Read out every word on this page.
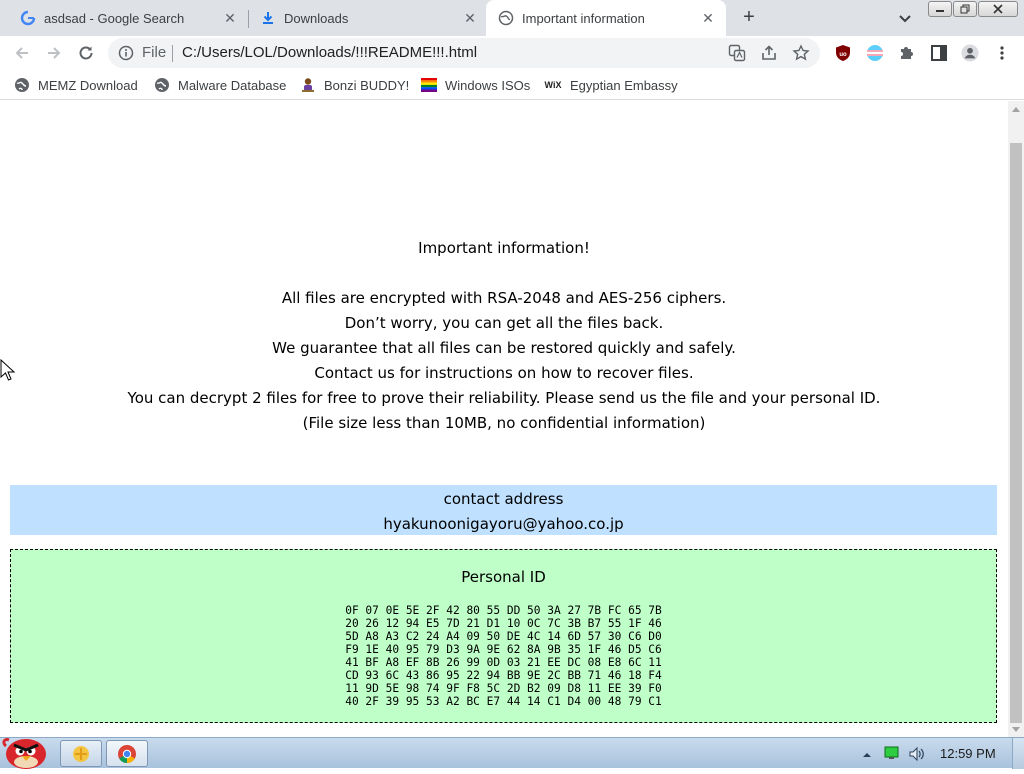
asdsad - Google Search	✕	Downloads	✕	Important information	✕	+
File C:/Users/LOL/Downloads/!!!README!!!.html	uo
MEMZ Download	Malware Database	Bonzi BUDDY!	Windows ISOs WiX Egyptian Embassy
Important information!
All files are encrypted with RSA-2048 and AES-256 ciphers.
Don’t worry, you can get all the files back.
We guarantee that all files can be restored quickly and safely.
Contact us for instructions on how to recover files.
You can decrypt 2 files for free to prove their reliability. Please send us the file and your personal ID.
(File size less than 10MB, no confidential information)
contact address
hyakunoonigayoru@yahoo.co.jp
Personal ID
0F 07 0E 5E 2F 42 80 55 DD 50 3A 27 7B FC 65 7B
20 26 12 94 E5 7D 21 D1 10 0C 7C 3B B7 55 1F 46
5D A8 A3 C2 24 A4 09 50 DE 4C 14 6D 57 30 C6 D0
F9 1E 40 95 79 D3 9A 9E 62 8A 9B 35 1F 46 D5 C6
41 BF A8 EF 8B 26 99 0D 03 21 EE DC 08 E8 6C 11
CD 93 6C 43 86 95 22 94 BB 9E 2C BB 71 46 18 F4
11 9D 5E 98 74 9F F8 5C 2D B2 09 D8 11 EE 39 F0
40 2F 39 95 53 A2 BC E7 44 14 C1 D4 00 48 79 C1
12:59 PM
